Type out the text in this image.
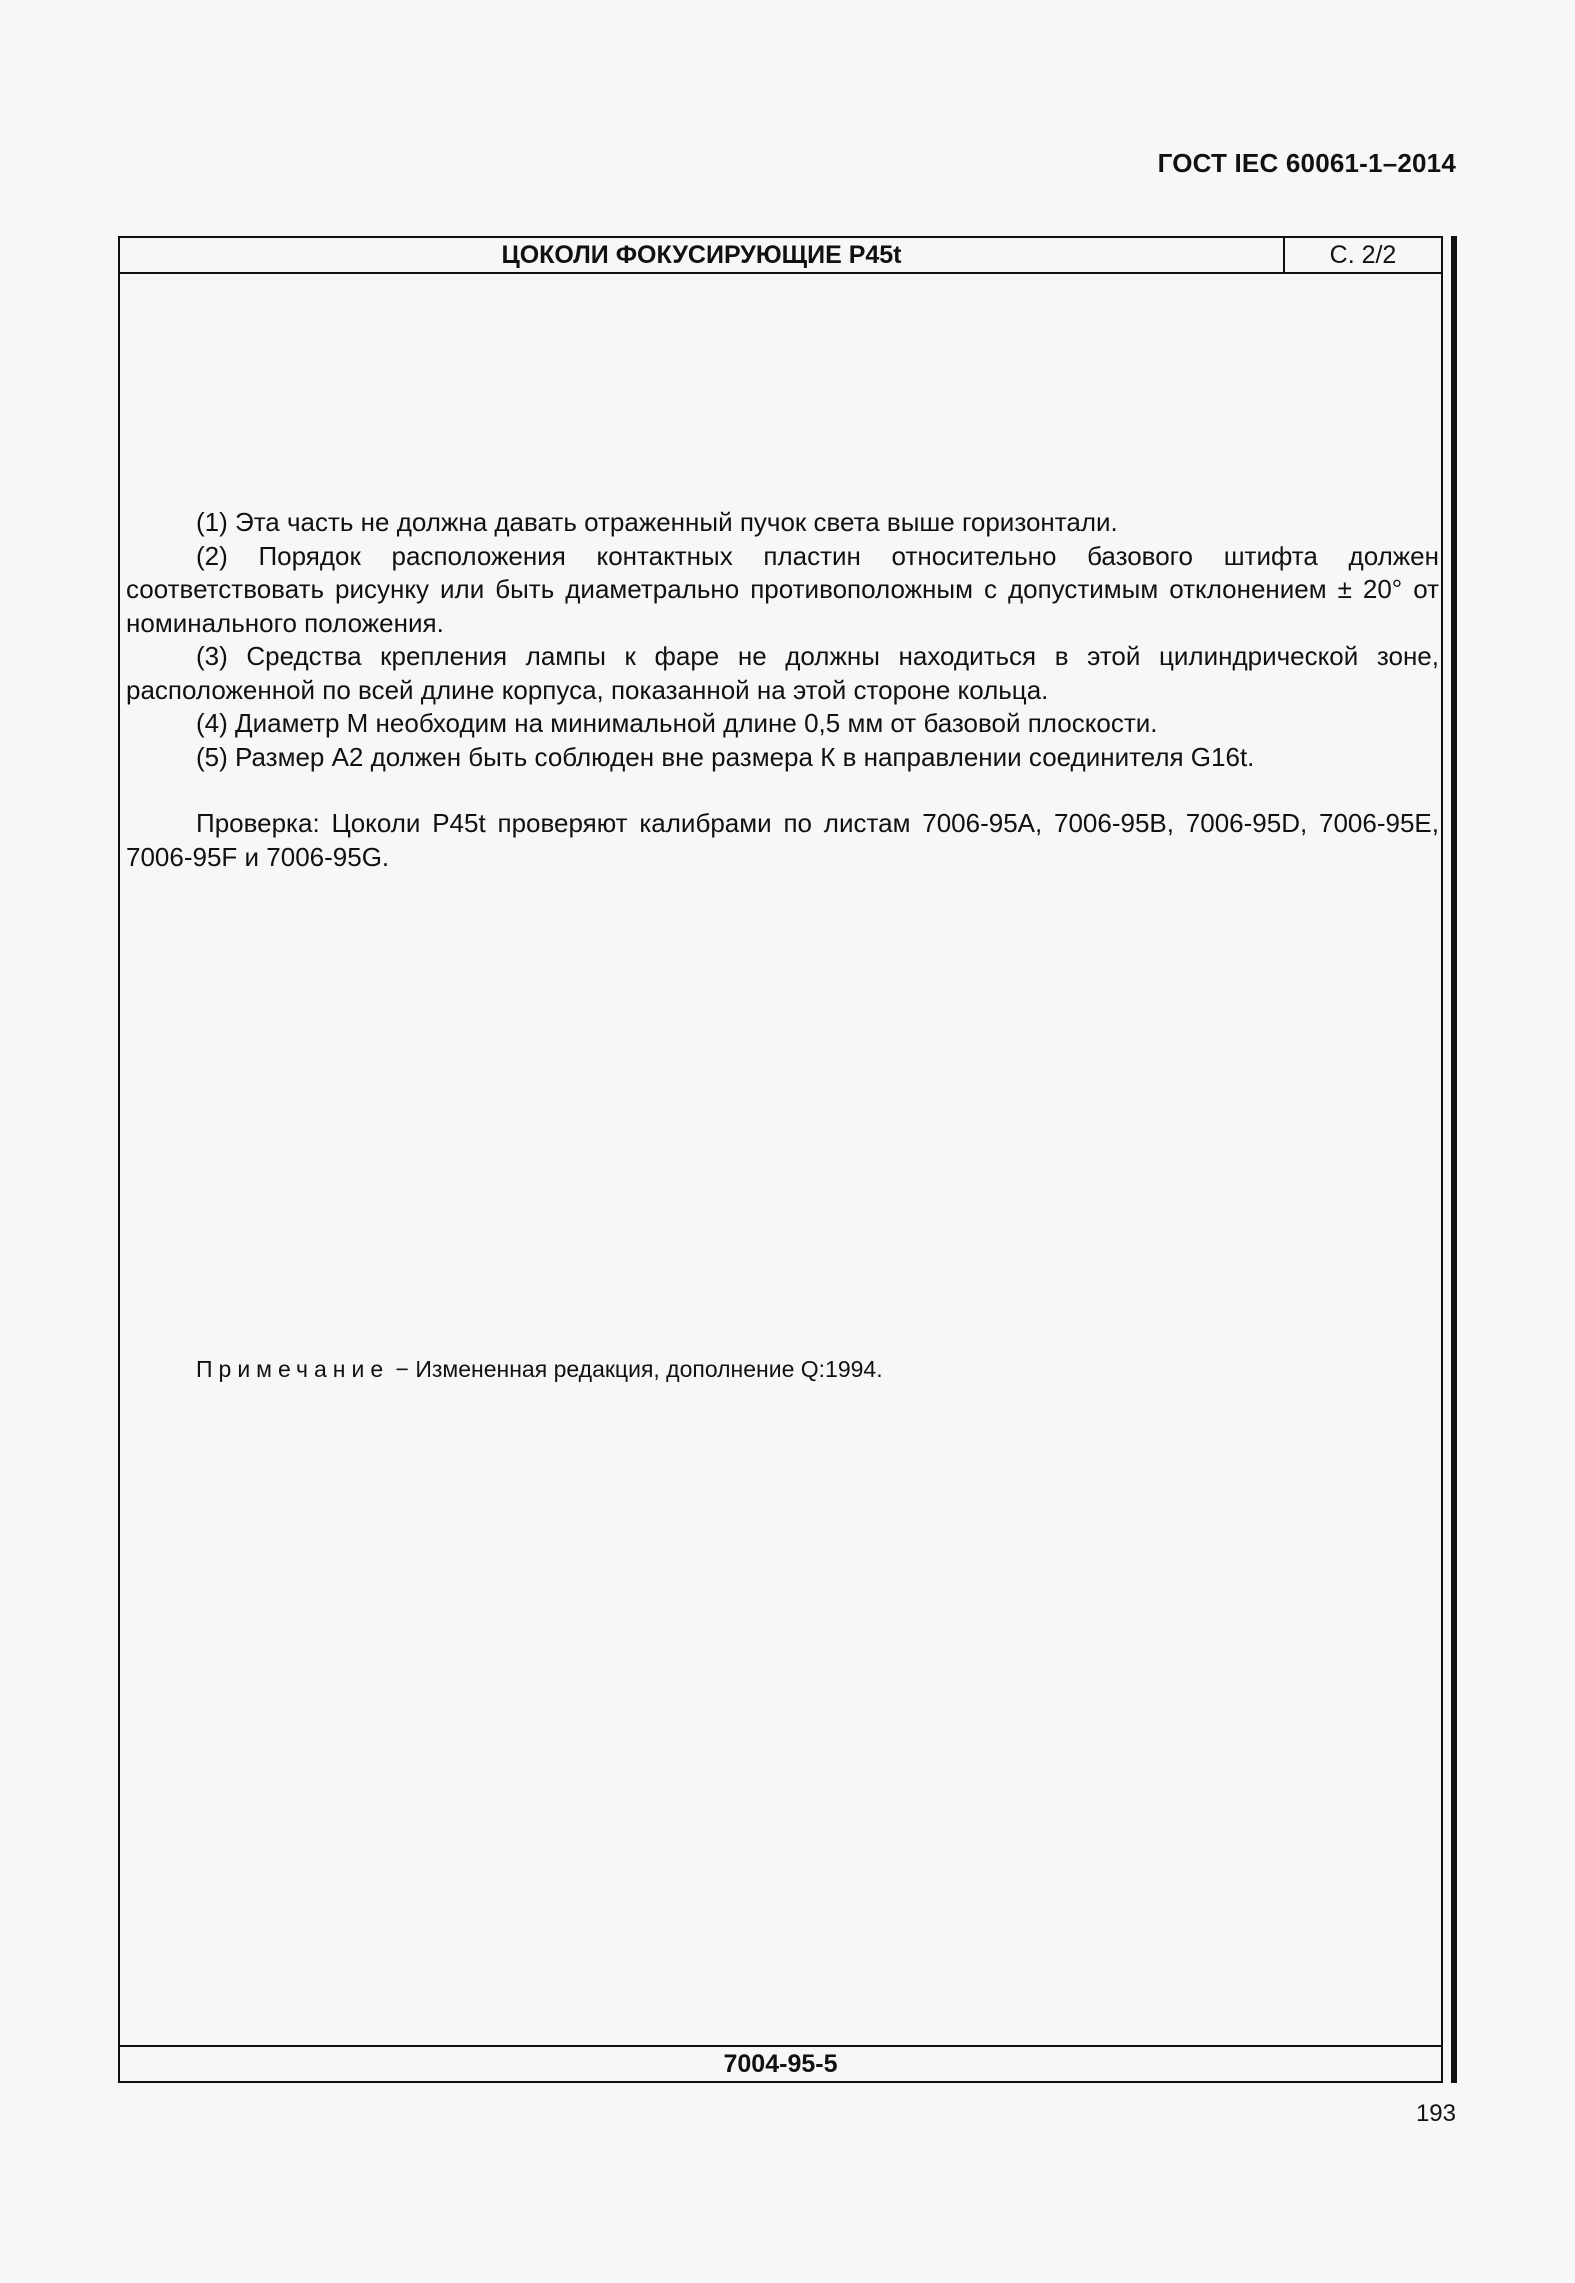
ГОСТ IEC 60061-1–2014
ЦОКОЛИ ФОКУСИРУЮЩИЕ P45t	С. 2/2

(1) Эта часть не должна давать отраженный пучок света выше горизонтали.

(2) Порядок расположения контактных пластин относительно базового штифта должен соответствовать рисунку или быть диаметрально противоположным с допустимым отклонением ± 20° от номинального положения.

(3) Средства крепления лампы к фаре не должны находиться в этой цилиндрической зоне, расположенной по всей длине корпуса, показанной на этой стороне кольца.

(4) Диаметр М необходим на минимальной длине 0,5 мм от базовой плоскости.

(5) Размер А2 должен быть соблюден вне размера К в направлении соединителя G16t.

Проверка: Цоколи P45t проверяют калибрами по листам 7006-95А, 7006-95В, 7006-95D, 7006-95Е, 7006-95F и 7006-95G.

Примечание − Измененная редакция, дополнение Q:1994.
7004-95-5
193
